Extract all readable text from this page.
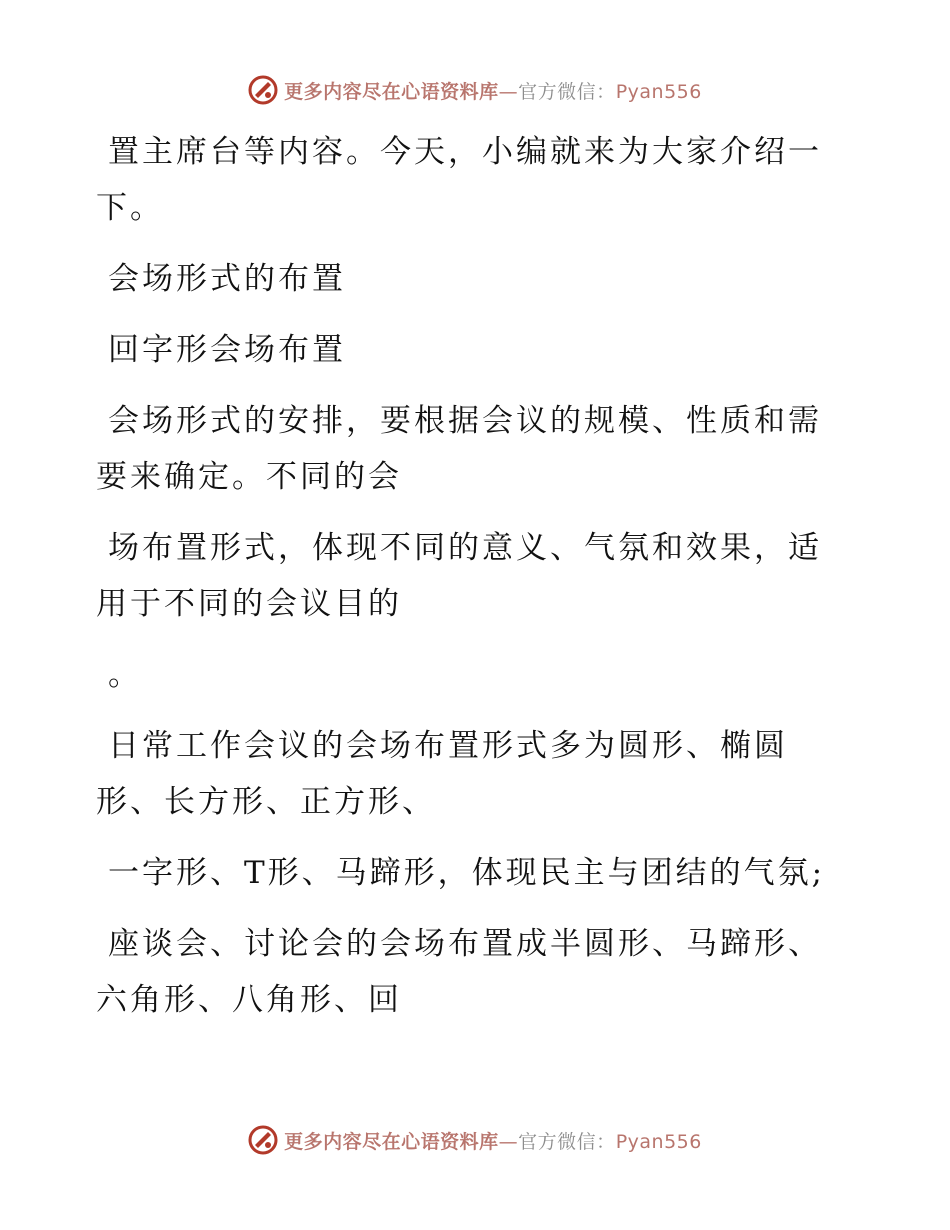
更多内容尽在心语资料库—官方微信：Pyan556

置主席台等内容。今天，小编就来为大家介绍一
下。

会场形式的布置

回字形会场布置

会场形式的安排，要根据会议的规模、性质和需
要来确定。不同的会

场布置形式，体现不同的意义、气氛和效果，适
用于不同的会议目的

。

日常工作会议的会场布置形式多为圆形、椭圆
形、长方形、正方形、

一字形、T形、马蹄形，体现民主与团结的气氛;

座谈会、讨论会的会场布置成半圆形、马蹄形、
六角形、八角形、回

更多内容尽在心语资料库—官方微信：Pyan556
